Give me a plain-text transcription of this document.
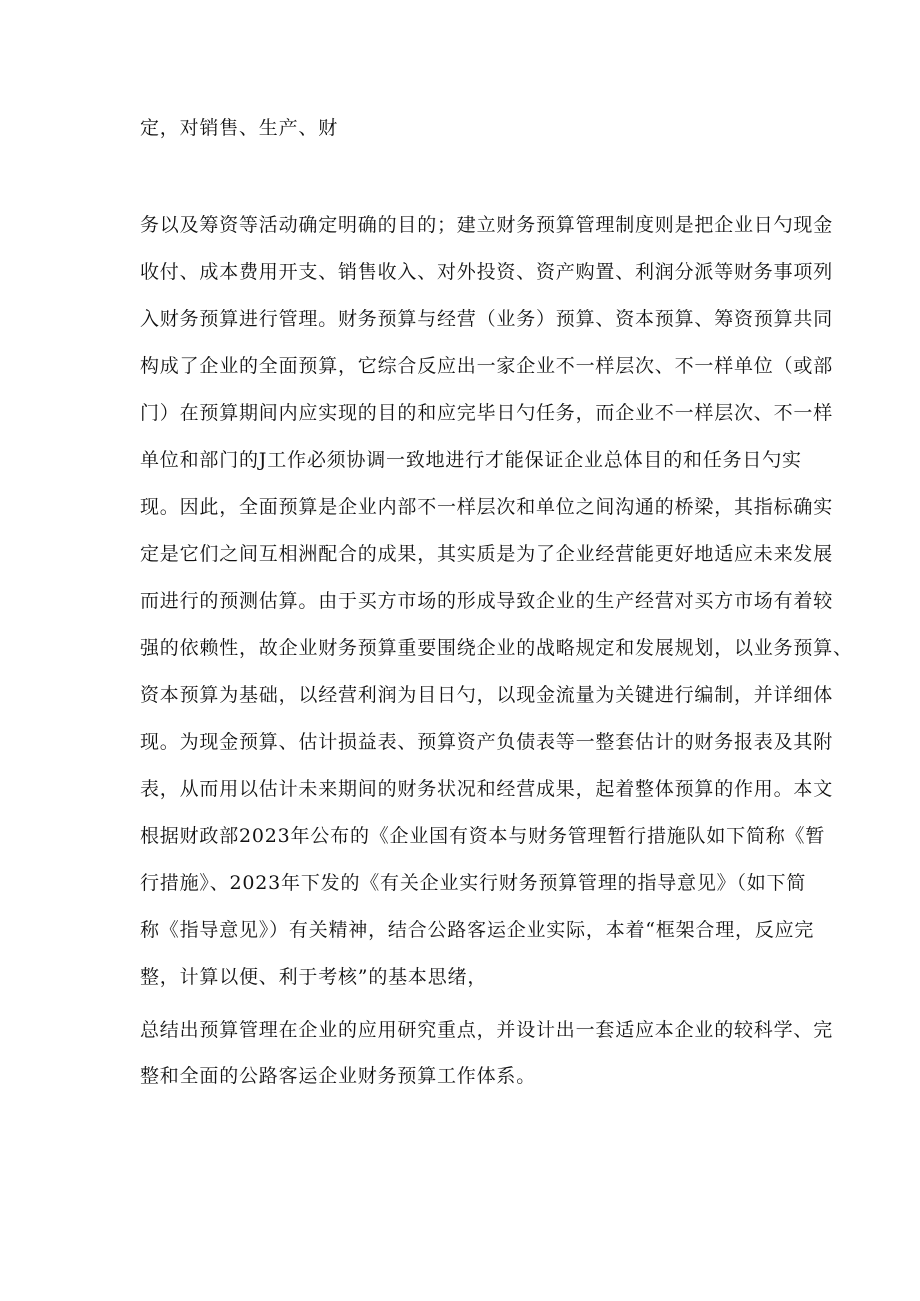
定，对销售、生产、财
务以及筹资等活动确定明确的目的；建立财务预算管理制度则是把企业日勺现金
收付、成本费用开支、销售收入、对外投资、资产购置、利润分派等财务事项列
入财务预算进行管理。财务预算与经营（业务）预算、资本预算、筹资预算共同
构成了企业的全面预算，它综合反应出一家企业不一样层次、不一样单位（或部
门）在预算期间内应实现的目的和应完毕日勺任务，而企业不一样层次、不一样
单位和部门的J工作必须协调一致地进行才能保证企业总体目的和任务日勺实
现。因此，全面预算是企业内部不一样层次和单位之间沟通的桥梁，其指标确实
定是它们之间互相洲配合的成果，其实质是为了企业经营能更好地适应未来发展
而进行的预测估算。由于买方市场的形成导致企业的生产经营对买方市场有着较
强的依赖性，故企业财务预算重要围绕企业的战略规定和发展规划，以业务预算、
资本预算为基础，以经营利润为目日勺，以现金流量为关键进行编制，并详细体
现。为现金预算、估计损益表、预算资产负债表等一整套估计的财务报表及其附
表，从而用以估计未来期间的财务状况和经营成果，起着整体预算的作用。本文
根据财政部2023年公布的《企业国有资本与财务管理暂行措施队如下简称《暂
行措施》、2023年下发的《有关企业实行财务预算管理的指导意见》（如下简
称《指导意见》）有关精神，结合公路客运企业实际，本着“框架合理，反应完
整，计算以便、利于考核”的基本思绪，
总结出预算管理在企业的应用研究重点，并设计出一套适应本企业的较科学、完
整和全面的公路客运企业财务预算工作体系。
